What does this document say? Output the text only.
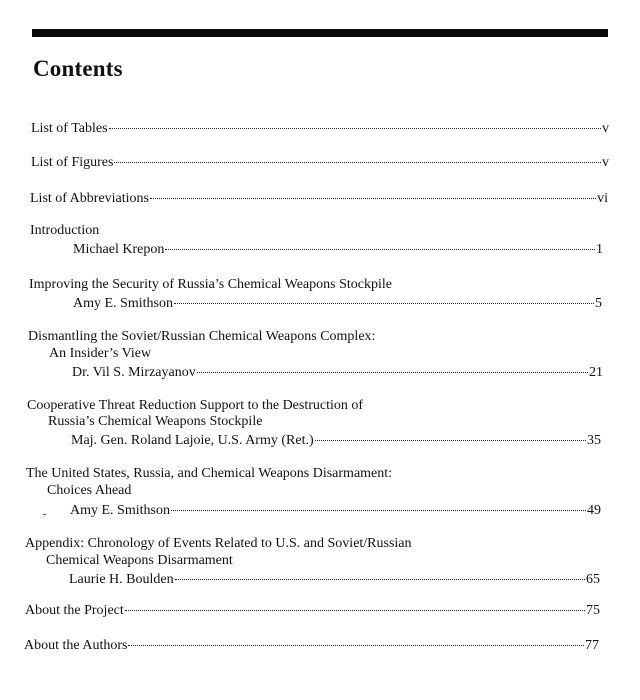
Contents
List of Tables	v
List of Figures	v
List of Abbreviations	vi
Introduction
Michael Krepon	1
Improving the Security of Russia’s Chemical Weapons Stockpile
Amy E. Smithson	5
Dismantling the Soviet/Russian Chemical Weapons Complex:
An Insider’s View
Dr. Vil S. Mirzayanov	21
Cooperative Threat Reduction Support to the Destruction of
Russia’s Chemical Weapons Stockpile
Maj. Gen. Roland Lajoie, U.S. Army (Ret.)	35
The United States, Russia, and Chemical Weapons Disarmament:
Choices Ahead
Amy E. Smithson	49
-
Appendix: Chronology of Events Related to U.S. and Soviet/Russian
Chemical Weapons Disarmament
Laurie H. Boulden	65
About the Project	75
About the Authors	77
